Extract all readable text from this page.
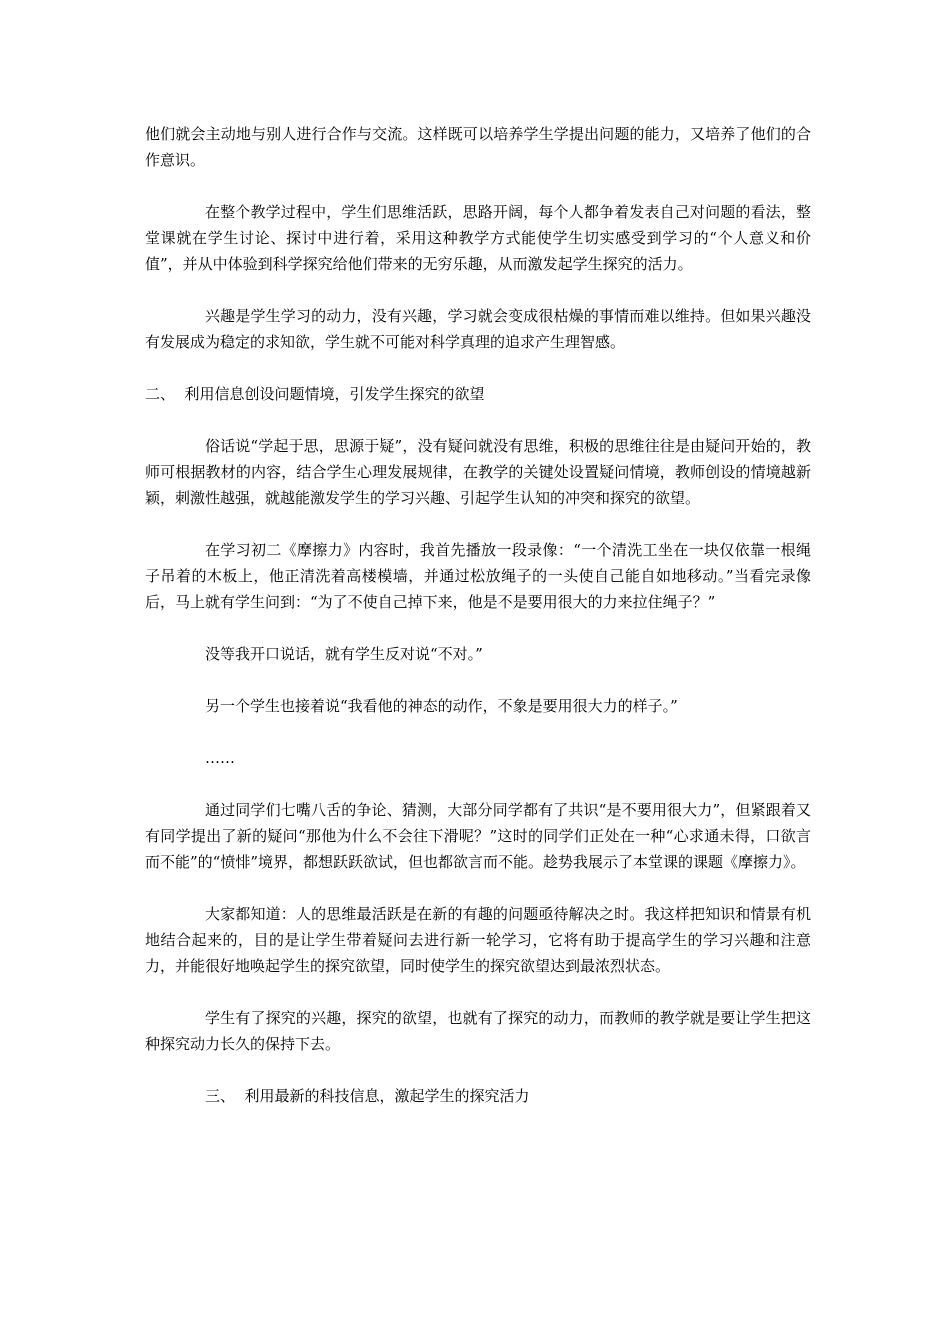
他们就会主动地与别人进行合作与交流。这样既可以培养学生学提出问题的能力，又培养了他们的合作意识。

在整个教学过程中，学生们思维活跃，思路开阔，每个人都争着发表自己对问题的看法，整堂课就在学生讨论、探讨中进行着，采用这种教学方式能使学生切实感受到学习的“个人意义和价值”，并从中体验到科学探究给他们带来的无穷乐趣，从而激发起学生探究的活力。

兴趣是学生学习的动力，没有兴趣，学习就会变成很枯燥的事情而难以维持。但如果兴趣没有发展成为稳定的求知欲，学生就不可能对科学真理的追求产生理智感。

二、  利用信息创设问题情境，引发学生探究的欲望

俗话说“学起于思，思源于疑”，没有疑问就没有思维，积极的思维往往是由疑问开始的，教师可根据教材的内容，结合学生心理发展规律，在教学的关键处设置疑问情境，教师创设的情境越新颖，刺激性越强，就越能激发学生的学习兴趣、引起学生认知的冲突和探究的欲望。

在学习初二《摩擦力》内容时，我首先播放一段录像：“一个清洗工坐在一块仅依靠一根绳子吊着的木板上，他正清洗着高楼模墙，并通过松放绳子的一头使自己能自如地移动。”当看完录像后，马上就有学生问到：“为了不使自己掉下来，他是不是要用很大的力来拉住绳子？”

没等我开口说话，就有学生反对说“不对。”

另一个学生也接着说“我看他的神态的动作，不象是要用很大力的样子。”

……

通过同学们七嘴八舌的争论、猜测，大部分同学都有了共识“是不要用很大力”，但紧跟着又有同学提出了新的疑问“那他为什么不会往下滑呢？”这时的同学们正处在一种“心求通未得，口欲言而不能”的“愤悱”境界，都想跃跃欲试，但也都欲言而不能。趁势我展示了本堂课的课题《摩擦力》。

大家都知道：人的思维最活跃是在新的有趣的问题亟待解决之时。我这样把知识和情景有机地结合起来的，目的是让学生带着疑问去进行新一轮学习，它将有助于提高学生的学习兴趣和注意力，并能很好地唤起学生的探究欲望，同时使学生的探究欲望达到最浓烈状态。

学生有了探究的兴趣，探究的欲望，也就有了探究的动力，而教师的教学就是要让学生把这种探究动力长久的保持下去。

三、  利用最新的科技信息，激起学生的探究活力
